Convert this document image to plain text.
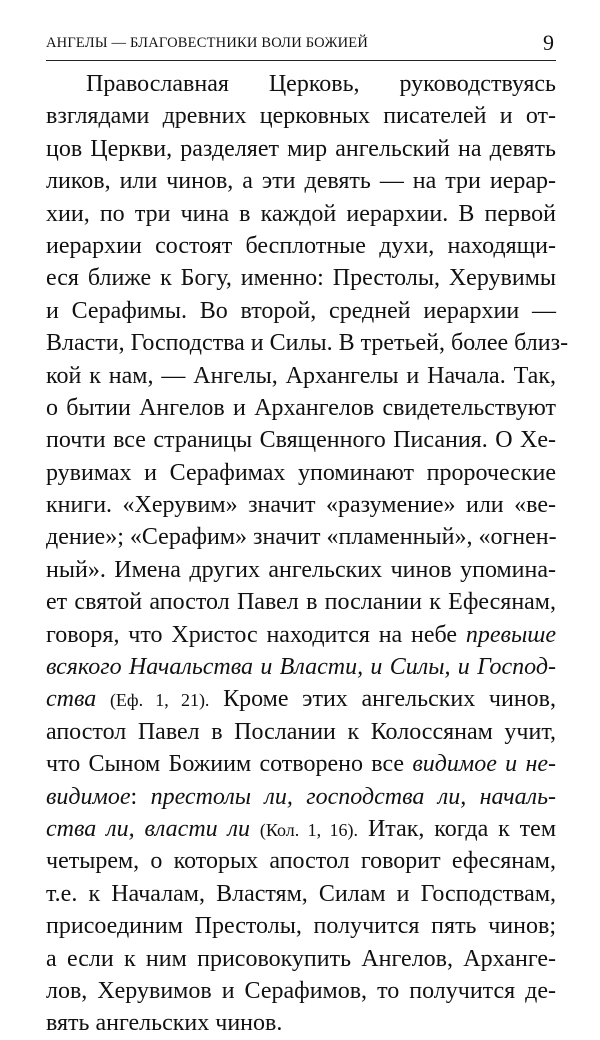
АНГЕЛЫ — БЛАГОВЕСТНИКИ ВОЛИ БОЖИЕЙ	9
Православная Церковь, руководствуясь
взглядами древних церковных писателей и от-
цов Церкви, разделяет мир ангельский на девять
ликов, или чинов, а эти девять — на три иерар-
хии, по три чина в каждой иерархии. В первой
иерархии состоят бесплотные духи, находящи-
еся ближе к Богу, именно: Престолы, Херувимы
и Серафимы. Во второй, средней иерархии —
Власти, Господства и Силы. В третьей, более близ-
кой к нам, — Ангелы, Архангелы и Начала. Так,
о бытии Ангелов и Архангелов свидетельствуют
почти все страницы Священного Писания. О Хе-
рувимах и Серафимах упоминают пророческие
книги. «Херувим» значит «разумение» или «ве-
дение»; «Серафим» значит «пламенный», «огнен-
ный». Имена других ангельских чинов упомина-
ет святой апостол Павел в послании к Ефесянам,
говоря, что Христос находится на небе превыше
всякого Начальства и Власти, и Силы, и Господ-
ства (Еф. 1, 21). Кроме этих ангельских чинов,
апостол Павел в Послании к Колоссянам учит,
что Сыном Божиим сотворено все видимое и не-
видимое: престолы ли, господства ли, началь-
ства ли, власти ли (Кол. 1, 16). Итак, когда к тем
четырем, о которых апостол говорит ефесянам,
т.е. к Началам, Властям, Силам и Господствам,
присоединим Престолы, получится пять чинов;
а если к ним присовокупить Ангелов, Арханге-
лов, Херувимов и Серафимов, то получится де-
вять ангельских чинов.
